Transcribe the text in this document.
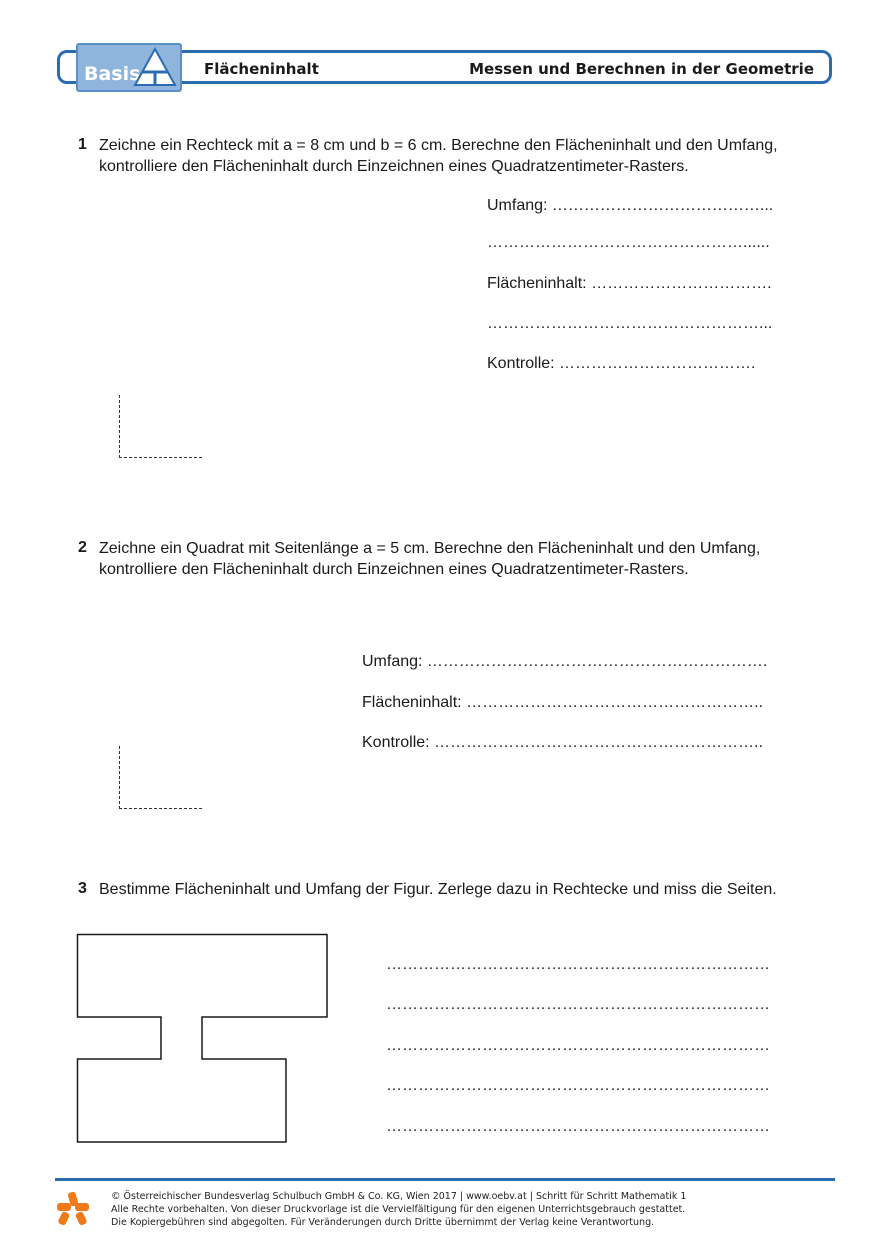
Basis	Flächeninhalt	Messen und Berechnen in der Geometrie
1 Zeichne ein Rechteck mit a = 8 cm und b = 6 cm. Berechne den Flächeninhalt und den Umfang, kontrolliere den Flächeninhalt durch Einzeichnen eines Quadratzentimeter-Rasters.
Umfang: …………………………………...
…………………………………………......
Flächeninhalt: …………………………….
……………………………………………...
Kontrolle: ……………………………….
2 Zeichne ein Quadrat mit Seitenlänge a = 5 cm. Berechne den Flächeninhalt und den Umfang, kontrolliere den Flächeninhalt durch Einzeichnen eines Quadratzentimeter-Rasters.
Umfang: ……………………………………………………….
Flächeninhalt: ………………………………………………..
Kontrolle: ……………………………………………………..
3 Bestimme Flächeninhalt und Umfang der Figur. Zerlege dazu in Rechtecke und miss die Seiten.
………………………………………………………………
………………………………………………………………
………………………………………………………………
………………………………………………………………
………………………………………………………………
© Österreichischer Bundesverlag Schulbuch GmbH & Co. KG, Wien 2017 | www.oebv.at | Schritt für Schritt Mathematik 1
Alle Rechte vorbehalten. Von dieser Druckvorlage ist die Vervielfältigung für den eigenen Unterrichtsgebrauch gestattet.
Die Kopiergebühren sind abgegolten. Für Veränderungen durch Dritte übernimmt der Verlag keine Verantwortung.
